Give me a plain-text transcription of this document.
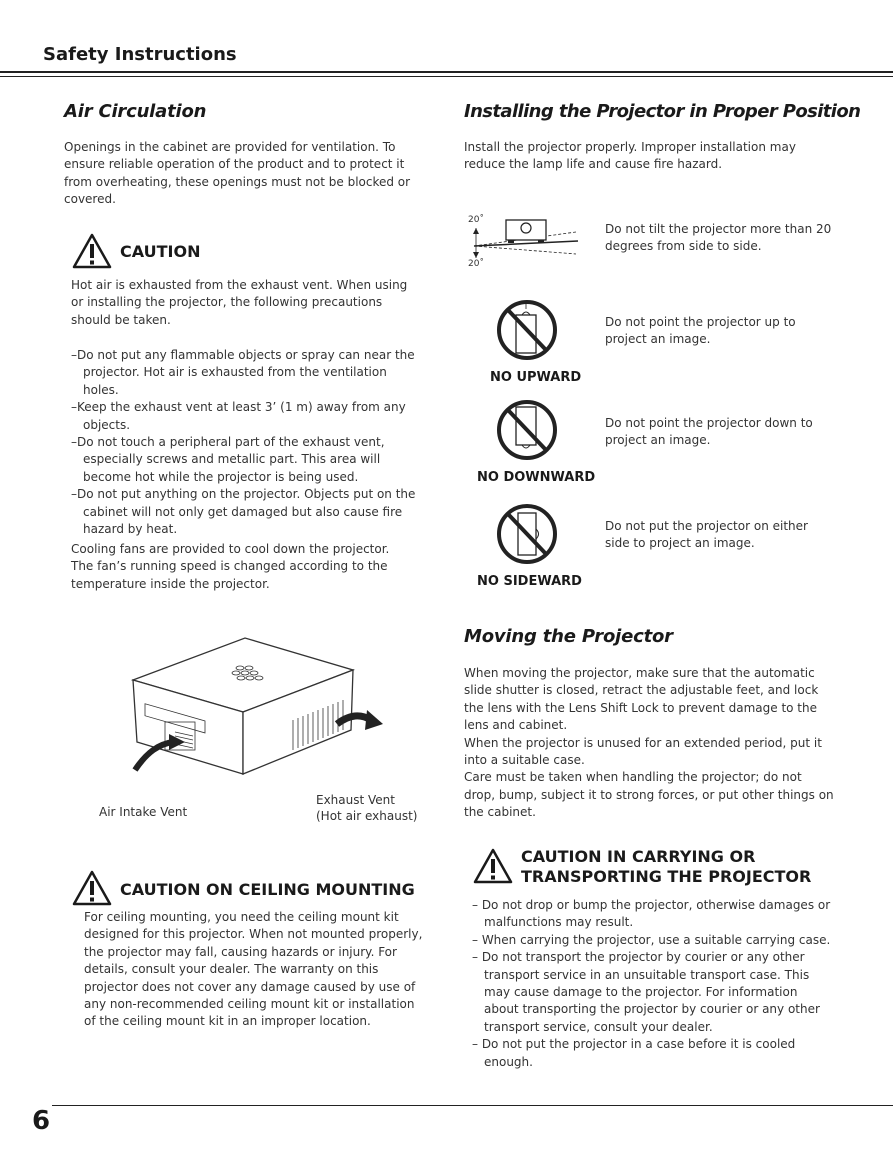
Safety Instructions
Air Circulation

Openings in the cabinet are provided for ventilation. To ensure reliable operation of the product and to protect it from overheating, these openings must not be blocked or covered.

CAUTION

Hot air is exhausted from the exhaust vent. When using or installing the projector, the following precautions should be taken.

–Do not put any flammable objects or spray can near the projector. Hot air is exhausted from the ventilation holes.
–Keep the exhaust vent at least 3’ (1 m) away from any objects.
–Do not touch a peripheral part of the exhaust vent, especially screws and metallic part. This area will become hot while the projector is being used.
–Do not put anything on the projector. Objects put on the cabinet will not only get damaged but also cause fire hazard by heat.

Cooling fans are provided to cool down the projector. The fan’s running speed is changed according to the temperature inside the projector.

Air Intake Vent
Exhaust Vent
(Hot air exhaust)
CAUTION ON CEILING MOUNTING

For ceiling mounting, you need the ceiling mount kit designed for this projector. When not mounted properly, the projector may fall, causing hazards or injury. For details, consult your dealer. The warranty on this projector does not cover any damage caused by use of any non-recommended ceiling mount kit or installation of the ceiling mount kit in an improper location.

Installing the Projector in Proper Position

Install the projector properly. Improper installation may reduce the lamp life and cause fire hazard.

20˚
20˚

Do not tilt the projector more than 20 degrees from side to side.

NO UPWARD

Do not point the projector up to project an image.

NO DOWNWARD

Do not point the projector down to project an image.

NO SIDEWARD

Do not put the projector on either side to project an image.

Moving the Projector

When moving the projector, make sure that the automatic slide shutter is closed, retract the adjustable feet, and lock the lens with the Lens Shift Lock to prevent damage to the lens and cabinet.

When the projector is unused for an extended period, put it into a suitable case.

Care must be taken when handling the projector; do not drop, bump, subject it to strong forces, or put other things on the cabinet.

CAUTION IN CARRYING OR
TRANSPORTING THE PROJECTOR
– Do not drop or bump the projector, otherwise damages or malfunctions may result.
– When carrying the projector, use a suitable carrying case.
– Do not transport the projector by courier or any other transport service in an unsuitable transport case. This may cause damage to the projector. For information about transporting the projector by courier or any other transport service, consult your dealer.
– Do not put the projector in a case before it is cooled enough.
6
